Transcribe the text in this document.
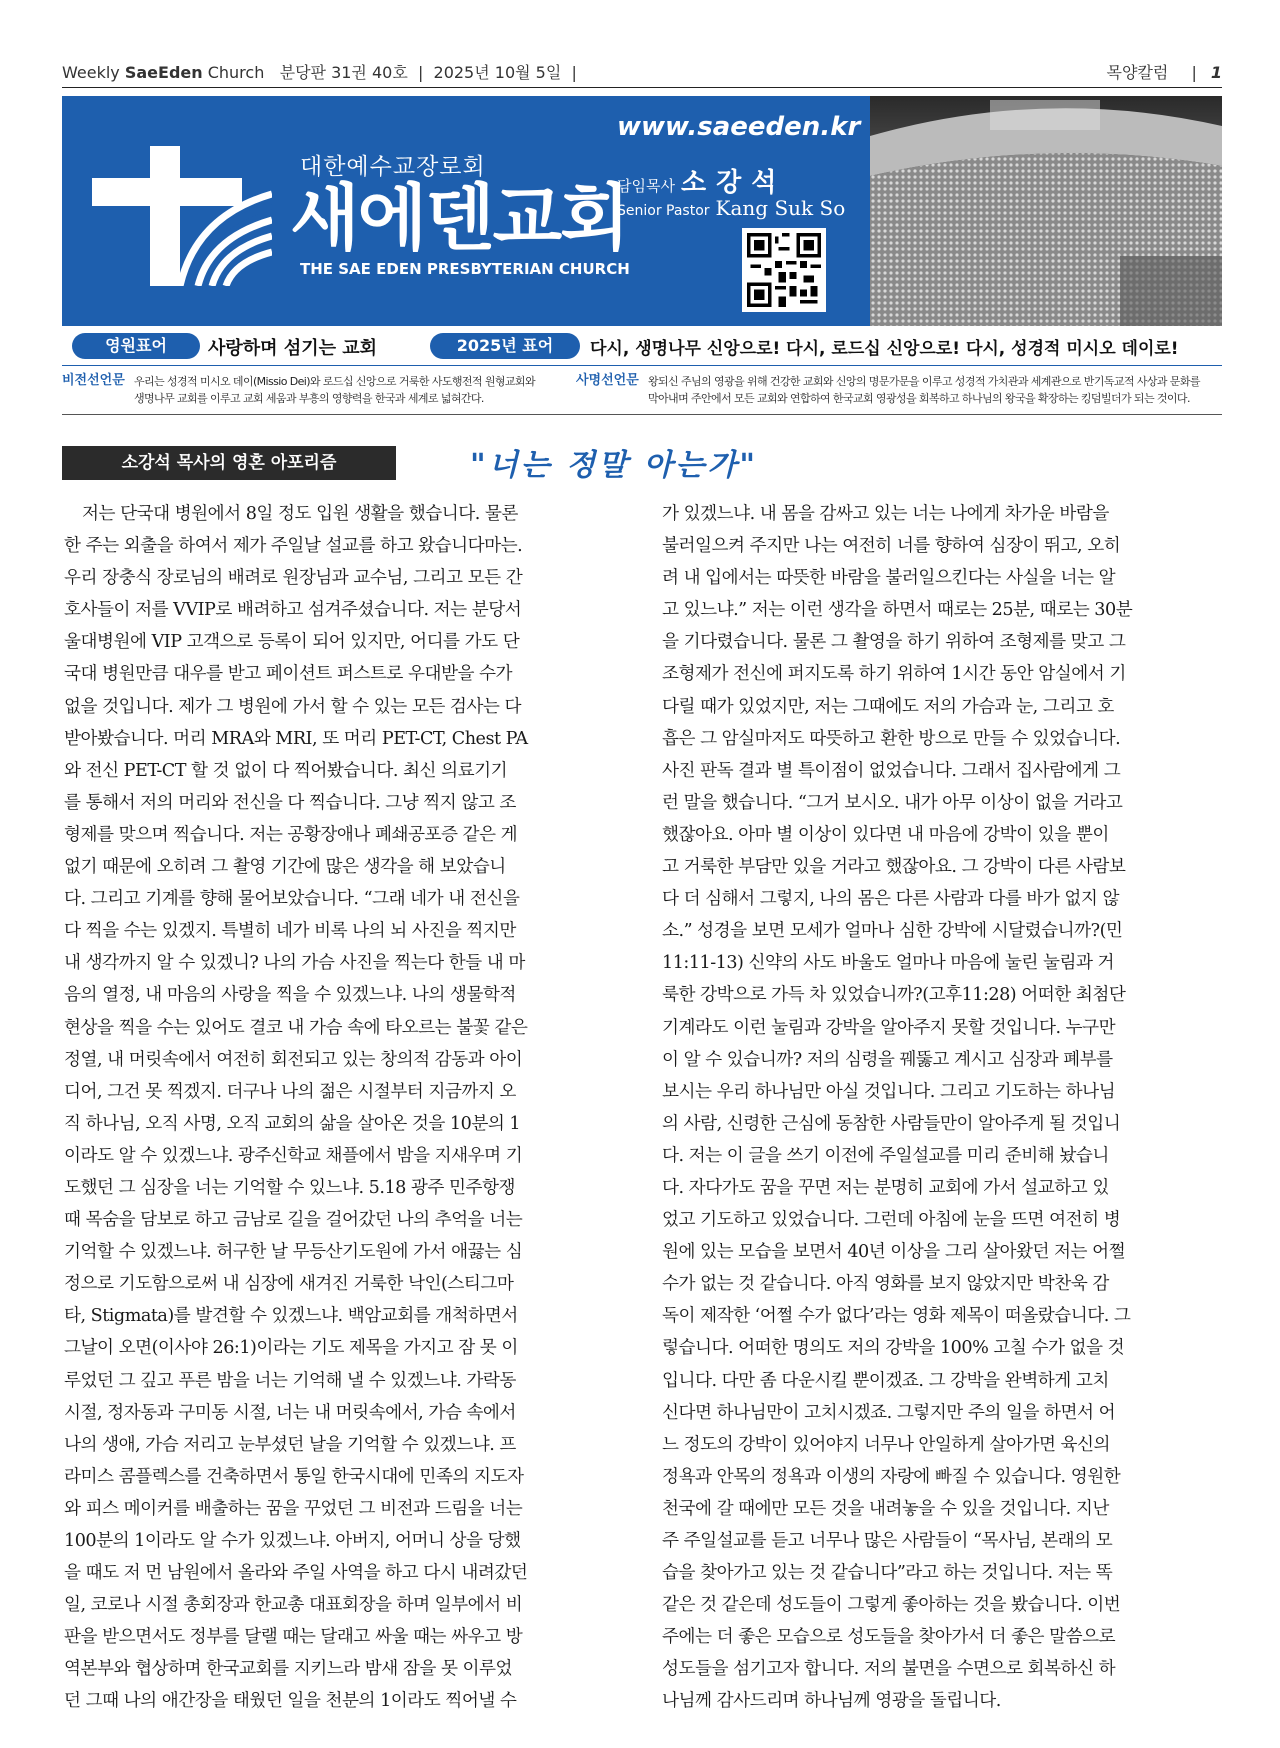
Weekly SaeEden Church 분당판 31권 40호  |  2025년 10월 5일  |	목양칼럼 | 1
대한예수교장로회
새에덴교회
THE SAE EDEN PRESBYTERIAN CHURCH
www.saeeden.kr
담임목사 소강석
Senior Pastor Kang Suk So
영원표어	사랑하며 섬기는 교회	2025년 표어	다시, 생명나무 신앙으로! 다시, 로드십 신앙으로! 다시, 성경적 미시오 데이로!
비전선언문 우리는 성경적 미시오 데이(Missio Dei)와 로드십 신앙으로 거룩한 사도행전적 원형교회와
생명나무 교회를 이루고 교회 세움과 부흥의 영향력을 한국과 세계로 넓혀간다.
사명선언문 왕되신 주님의 영광을 위해 건강한 교회와 신앙의 명문가문을 이루고 성경적 가치관과 세계관으로 반기독교적 사상과 문화를
막아내며 주안에서 모든 교회와 연합하여 한국교회 영광성을 회복하고 하나님의 왕국을 확장하는 킹덤빌더가 되는 것이다.
소강석 목사의 영혼 아포리즘	"너는 정말 아는가"
저는 단국대 병원에서 8일 정도 입원 생활을 했습니다. 물론
한 주는 외출을 하여서 제가 주일날 설교를 하고 왔습니다마는.
우리 장충식 장로님의 배려로 원장님과 교수님, 그리고 모든 간
호사들이 저를 VVIP로 배려하고 섬겨주셨습니다. 저는 분당서
울대병원에 VIP 고객으로 등록이 되어 있지만, 어디를 가도 단
국대 병원만큼 대우를 받고 페이션트 퍼스트로 우대받을 수가
없을 것입니다. 제가 그 병원에 가서 할 수 있는 모든 검사는 다
받아봤습니다. 머리 MRA와 MRI, 또 머리 PET-CT, Chest PA
와 전신 PET-CT 할 것 없이 다 찍어봤습니다. 최신 의료기기
를 통해서 저의 머리와 전신을 다 찍습니다. 그냥 찍지 않고 조
형제를 맞으며 찍습니다. 저는 공황장애나 폐쇄공포증 같은 게
없기 때문에 오히려 그 촬영 기간에 많은 생각을 해 보았습니
다. 그리고 기계를 향해 물어보았습니다. “그래 네가 내 전신을
다 찍을 수는 있겠지. 특별히 네가 비록 나의 뇌 사진을 찍지만
내 생각까지 알 수 있겠니? 나의 가슴 사진을 찍는다 한들 내 마
음의 열정, 내 마음의 사랑을 찍을 수 있겠느냐. 나의 생물학적
현상을 찍을 수는 있어도 결코 내 가슴 속에 타오르는 불꽃 같은
정열, 내 머릿속에서 여전히 회전되고 있는 창의적 감동과 아이
디어, 그건 못 찍겠지. 더구나 나의 젊은 시절부터 지금까지 오
직 하나님, 오직 사명, 오직 교회의 삶을 살아온 것을 10분의 1
이라도 알 수 있겠느냐. 광주신학교 채플에서 밤을 지새우며 기
도했던 그 심장을 너는 기억할 수 있느냐. 5.18 광주 민주항쟁
때 목숨을 담보로 하고 금남로 길을 걸어갔던 나의 추억을 너는
기억할 수 있겠느냐. 허구한 날 무등산기도원에 가서 애끓는 심
정으로 기도함으로써 내 심장에 새겨진 거룩한 낙인(스티그마
타, Stigmata)를 발견할 수 있겠느냐. 백암교회를 개척하면서
그날이 오면(이사야 26:1)이라는 기도 제목을 가지고 잠 못 이
루었던 그 깊고 푸른 밤을 너는 기억해 낼 수 있겠느냐. 가락동
시절, 정자동과 구미동 시절, 너는 내 머릿속에서, 가슴 속에서
나의 생애, 가슴 저리고 눈부셨던 날을 기억할 수 있겠느냐. 프
라미스 콤플렉스를 건축하면서 통일 한국시대에 민족의 지도자
와 피스 메이커를 배출하는 꿈을 꾸었던 그 비전과 드림을 너는
100분의 1이라도 알 수가 있겠느냐. 아버지, 어머니 상을 당했
을 때도 저 먼 남원에서 올라와 주일 사역을 하고 다시 내려갔던
일, 코로나 시절 총회장과 한교총 대표회장을 하며 일부에서 비
판을 받으면서도 정부를 달랠 때는 달래고 싸울 때는 싸우고 방
역본부와 협상하며 한국교회를 지키느라 밤새 잠을 못 이루었
던 그때 나의 애간장을 태웠던 일을 천분의 1이라도 찍어낼 수
가 있겠느냐. 내 몸을 감싸고 있는 너는 나에게 차가운 바람을
불러일으켜 주지만 나는 여전히 너를 향하여 심장이 뛰고, 오히
려 내 입에서는 따뜻한 바람을 불러일으킨다는 사실을 너는 알
고 있느냐.” 저는 이런 생각을 하면서 때로는 25분, 때로는 30분
을 기다렸습니다. 물론 그 촬영을 하기 위하여 조형제를 맞고 그
조형제가 전신에 퍼지도록 하기 위하여 1시간 동안 암실에서 기
다릴 때가 있었지만, 저는 그때에도 저의 가슴과 눈, 그리고 호
흡은 그 암실마저도 따뜻하고 환한 방으로 만들 수 있었습니다.
사진 판독 결과 별 특이점이 없었습니다. 그래서 집사람에게 그
런 말을 했습니다. “그거 보시오. 내가 아무 이상이 없을 거라고
했잖아요. 아마 별 이상이 있다면 내 마음에 강박이 있을 뿐이
고 거룩한 부담만 있을 거라고 했잖아요. 그 강박이 다른 사람보
다 더 심해서 그렇지, 나의 몸은 다른 사람과 다를 바가 없지 않
소.” 성경을 보면 모세가 얼마나 심한 강박에 시달렸습니까?(민
11:11-13) 신약의 사도 바울도 얼마나 마음에 눌린 눌림과 거
룩한 강박으로 가득 차 있었습니까?(고후11:28) 어떠한 최첨단
기계라도 이런 눌림과 강박을 알아주지 못할 것입니다. 누구만
이 알 수 있습니까? 저의 심령을 꿰뚫고 계시고 심장과 폐부를
보시는 우리 하나님만 아실 것입니다. 그리고 기도하는 하나님
의 사람, 신령한 근심에 동참한 사람들만이 알아주게 될 것입니
다. 저는 이 글을 쓰기 이전에 주일설교를 미리 준비해 놨습니
다. 자다가도 꿈을 꾸면 저는 분명히 교회에 가서 설교하고 있
었고 기도하고 있었습니다. 그런데 아침에 눈을 뜨면 여전히 병
원에 있는 모습을 보면서 40년 이상을 그리 살아왔던 저는 어쩔
수가 없는 것 같습니다. 아직 영화를 보지 않았지만 박찬욱 감
독이 제작한 ‘어쩔 수가 없다’라는 영화 제목이 떠올랐습니다. 그
렇습니다. 어떠한 명의도 저의 강박을 100% 고칠 수가 없을 것
입니다. 다만 좀 다운시킬 뿐이겠죠. 그 강박을 완벽하게 고치
신다면 하나님만이 고치시겠죠. 그렇지만 주의 일을 하면서 어
느 정도의 강박이 있어야지 너무나 안일하게 살아가면 육신의
정욕과 안목의 정욕과 이생의 자랑에 빠질 수 있습니다. 영원한
천국에 갈 때에만 모든 것을 내려놓을 수 있을 것입니다. 지난
주 주일설교를 듣고 너무나 많은 사람들이 “목사님, 본래의 모
습을 찾아가고 있는 것 같습니다”라고 하는 것입니다. 저는 똑
같은 것 같은데 성도들이 그렇게 좋아하는 것을 봤습니다. 이번
주에는 더 좋은 모습으로 성도들을 찾아가서 더 좋은 말씀으로
성도들을 섬기고자 합니다. 저의 불면을 수면으로 회복하신 하
나님께 감사드리며 하나님께 영광을 돌립니다.
